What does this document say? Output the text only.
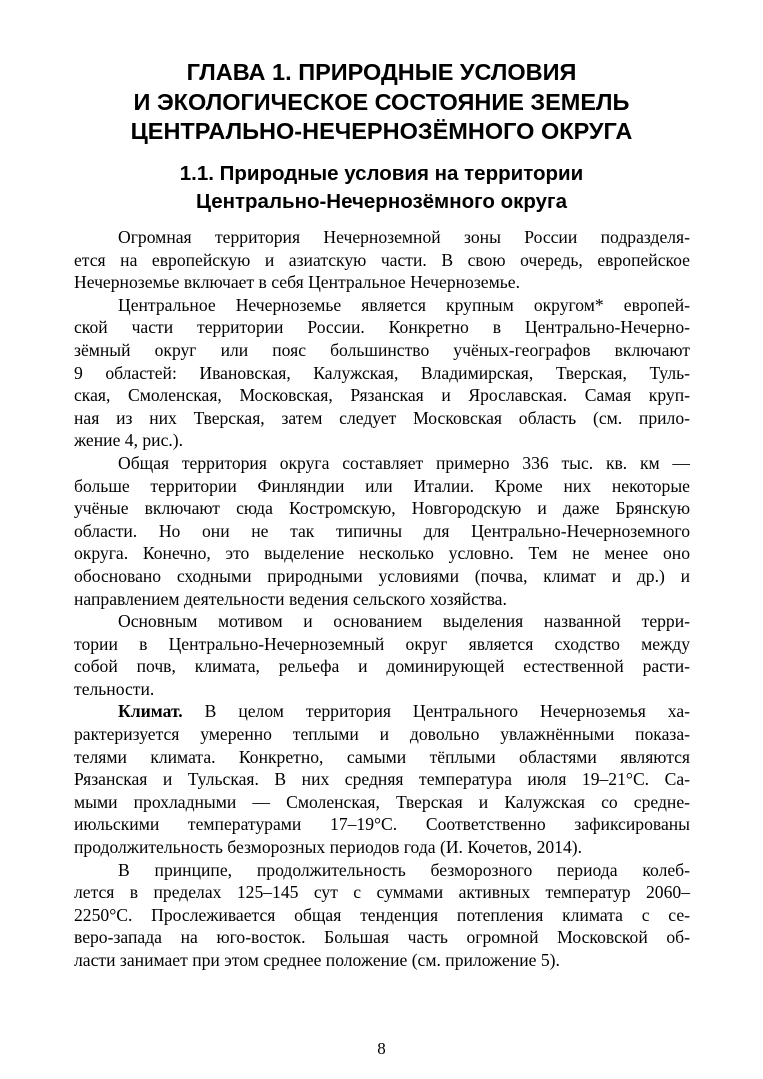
ГЛАВА 1. ПРИРОДНЫЕ УСЛОВИЯ
И ЭКОЛОГИЧЕСКОЕ СОСТОЯНИЕ ЗЕМЕЛЬ
ЦЕНТРАЛЬНО-НЕЧЕРНОЗЁМНОГО ОКРУГА
1.1. Природные условия на территории
Центрально-Нечернозёмного округа
Огромная территория Нечерноземной зоны России подразделя-
ется на европейскую и азиатскую части. В свою очередь, европейское
Нечерноземье включает в себя Центральное Нечерноземье.
Центральное Нечерноземье является крупным округом* европей-
ской части территории России. Конкретно в Центрально-Нечерно-
зёмный округ или пояс большинство учёных-географов включают
9 областей: Ивановская, Калужская, Владимирская, Тверская, Туль-
ская, Смоленская, Московская, Рязанская и Ярославская. Самая круп-
ная из них Тверская, затем следует Московская область (см. прило-
жение 4, рис.).
Общая территория округа составляет примерно 336 тыс. кв. км —
больше территории Финляндии или Италии. Кроме них некоторые
учёные включают сюда Костромскую, Новгородскую и даже Брянскую
области. Но они не так типичны для Центрально-Нечерноземного
округа. Конечно, это выделение несколько условно. Тем не менее оно
обосновано сходными природными условиями (почва, климат и др.) и
направлением деятельности ведения сельского хозяйства.
Основным мотивом и основанием выделения названной терри-
тории в Центрально-Нечерноземный округ является сходство между
собой почв, климата, рельефа и доминирующей естественной расти-
тельности.
Климат. В целом территория Центрального Нечерноземья ха-
рактеризуется умеренно теплыми и довольно увлажнёнными показа-
телями климата. Конкретно, самыми тёплыми областями являются
Рязанская и Тульская. В них средняя температура июля 19–21°С. Са-
мыми прохладными — Смоленская, Тверская и Калужская со средне-
июльскими температурами 17–19°С. Соответственно зафиксированы
продолжительность безморозных периодов года (И. Кочетов, 2014).
В принципе, продолжительность безморозного периода колеб-
лется в пределах 125–145 сут с суммами активных температур 2060–
2250°С. Прослеживается общая тенденция потепления климата с се-
веро-запада на юго-восток. Большая часть огромной Московской об-
ласти занимает при этом среднее положение (см. приложение 5).
8
